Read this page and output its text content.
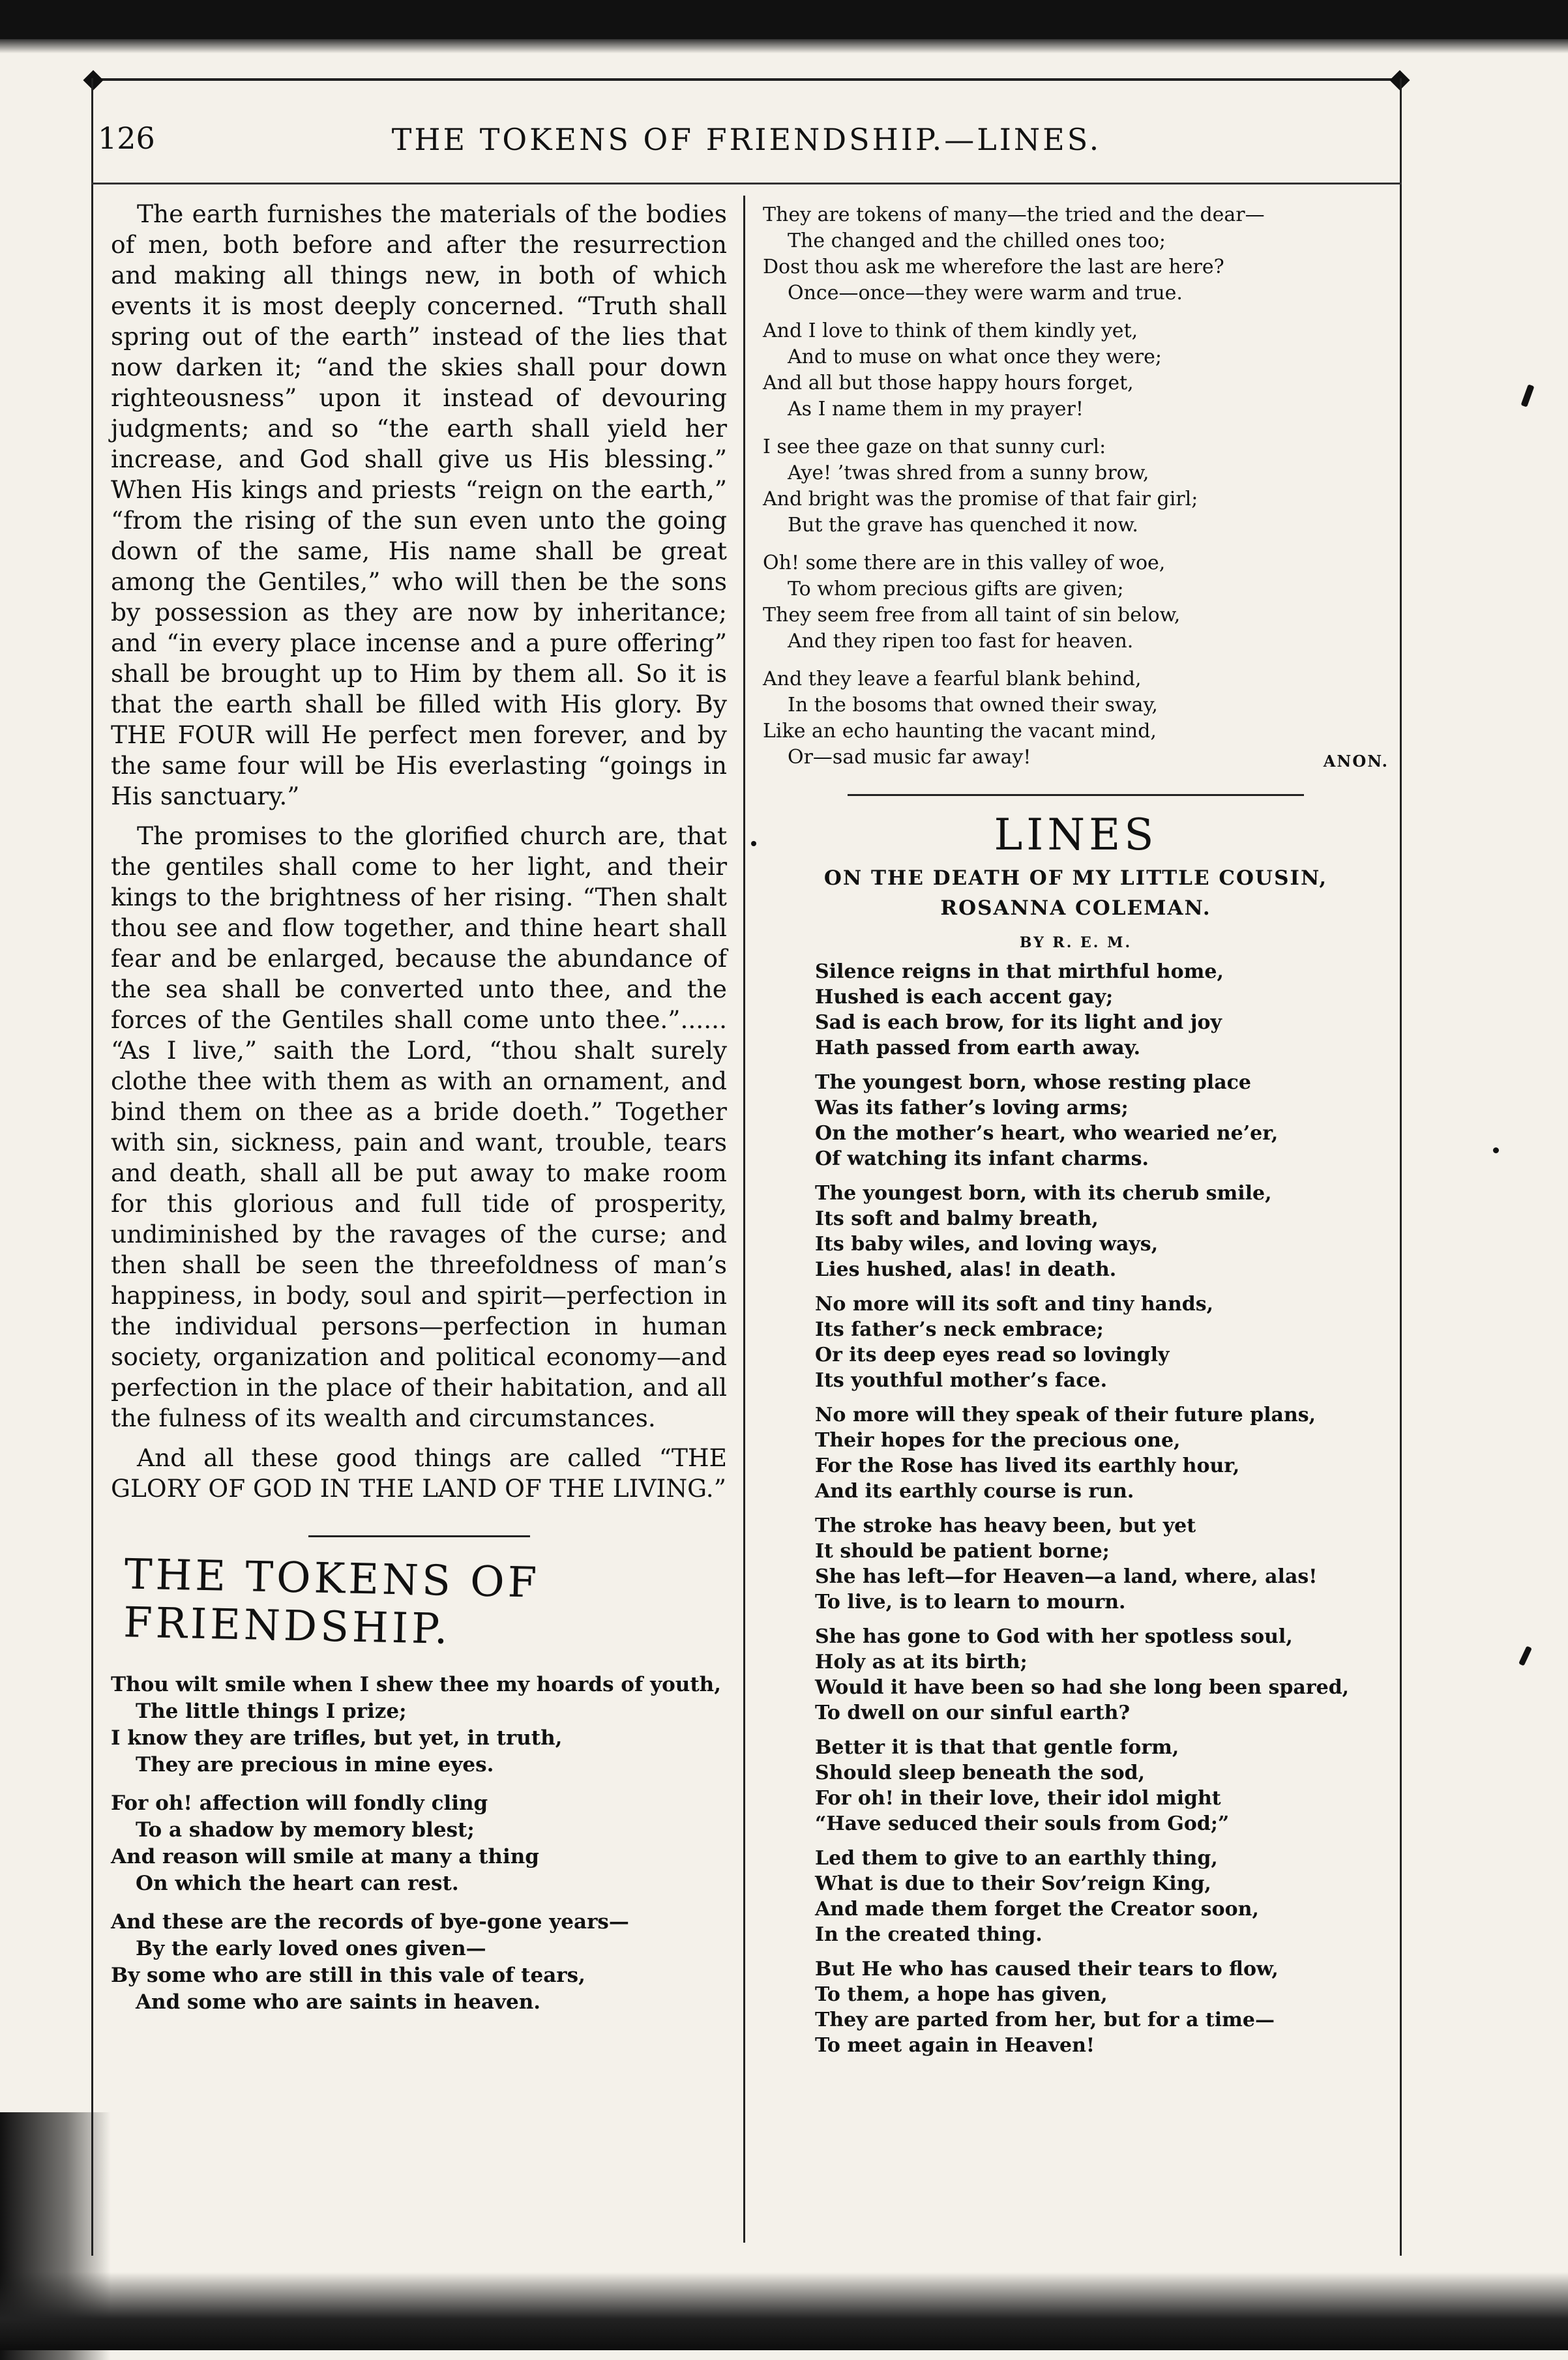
126	THE TOKENS OF FRIENDSHIP.—LINES.

The earth furnishes the materials of the bodies of men, both before and after the resurrection and making all things new, in both of which events it is most deeply concerned. “Truth shall spring out of the earth” instead of the lies that now darken it; “and the skies shall pour down righteousness” upon it instead of devouring judgments; and so “the earth shall yield her increase, and God shall give us His blessing.” When His kings and priests “reign on the earth,” “from the rising of the sun even unto the going down of the same, His name shall be great among the Gentiles,” who will then be the sons by possession as they are now by inheritance; and “in every place incense and a pure offering” shall be brought up to Him by them all. So it is that the earth shall be filled with His glory. By THE FOUR will He perfect men forever, and by the same four will be His everlasting “goings in His sanctuary.”

The promises to the glorified church are, that the gentiles shall come to her light, and their kings to the brightness of her rising. “Then shalt thou see and flow together, and thine heart shall fear and be enlarged, because the abundance of the sea shall be converted unto thee, and the forces of the Gentiles shall come unto thee.”...... “As I live,” saith the Lord, “thou shalt surely clothe thee with them as with an ornament, and bind them on thee as a bride doeth.” Together with sin, sickness, pain and want, trouble, tears and death, shall all be put away to make room for this glorious and full tide of prosperity, undiminished by the ravages of the curse; and then shall be seen the threefoldness of man’s happiness, in body, soul and spirit—perfection in the individual persons—perfection in human society, organization and political economy—and perfection in the place of their habitation, and all the fulness of its wealth and circumstances.

And all these good things are called “THE GLORY OF GOD IN THE LAND OF THE LIVING.”

THE TOKENS OF FRIENDSHIP.
Thou wilt smile when I shew thee my hoards of youth,
The little things I prize;
I know they are trifles, but yet, in truth,
They are precious in mine eyes.
For oh! affection will fondly cling
To a shadow by memory blest;
And reason will smile at many a thing
On which the heart can rest.
And these are the records of bye-gone years—
By the early loved ones given—
By some who are still in this vale of tears,
And some who are saints in heaven.
They are tokens of many—the tried and the dear—
The changed and the chilled ones too;
Dost thou ask me wherefore the last are here?
Once—once—they were warm and true.
And I love to think of them kindly yet,
And to muse on what once they were;
And all but those happy hours forget,
As I name them in my prayer!
I see thee gaze on that sunny curl:
Aye! ’twas shred from a sunny brow,
And bright was the promise of that fair girl;
But the grave has quenched it now.
Oh! some there are in this valley of woe,
To whom precious gifts are given;
They seem free from all taint of sin below,
And they ripen too fast for heaven.
And they leave a fearful blank behind,
In the bosoms that owned their sway,
Like an echo haunting the vacant mind,
Or—sad music far away!	ANON.
LINES
ON THE DEATH OF MY LITTLE COUSIN,
ROSANNA COLEMAN.
BY R. E. M.
Silence reigns in that mirthful home,
Hushed is each accent gay;
Sad is each brow, for its light and joy
Hath passed from earth away.
The youngest born, whose resting place
Was its father’s loving arms;
On the mother’s heart, who wearied ne’er,
Of watching its infant charms.
The youngest born, with its cherub smile,
Its soft and balmy breath,
Its baby wiles, and loving ways,
Lies hushed, alas! in death.
No more will its soft and tiny hands,
Its father’s neck embrace;
Or its deep eyes read so lovingly
Its youthful mother’s face.
No more will they speak of their future plans,
Their hopes for the precious one,
For the Rose has lived its earthly hour,
And its earthly course is run.
The stroke has heavy been, but yet
It should be patient borne;
She has left—for Heaven—a land, where, alas!
To live, is to learn to mourn.
She has gone to God with her spotless soul,
Holy as at its birth;
Would it have been so had she long been spared,
To dwell on our sinful earth?
Better it is that that gentle form,
Should sleep beneath the sod,
For oh! in their love, their idol might
“Have seduced their souls from God;”
Led them to give to an earthly thing,
What is due to their Sov’reign King,
And made them forget the Creator soon,
In the created thing.
But He who has caused their tears to flow,
To them, a hope has given,
They are parted from her, but for a time—
To meet again in Heaven!
